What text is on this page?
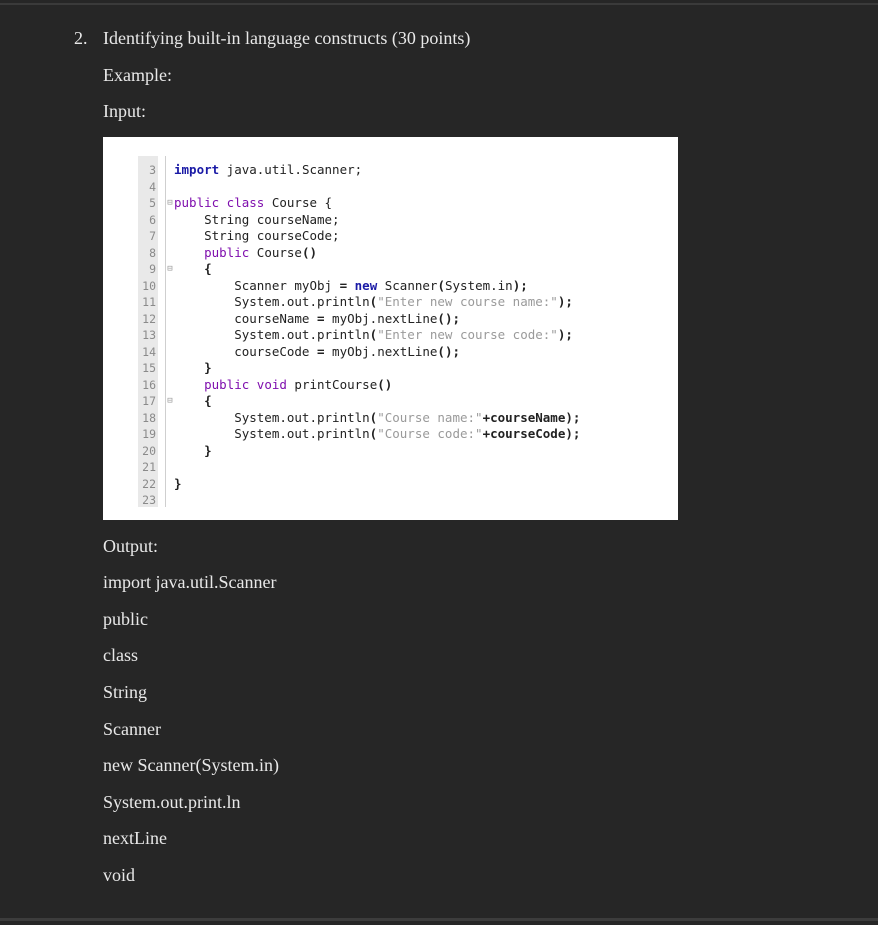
2. Identifying built-in language constructs (30 points)
Example:
Input:
3 import java.util.Scanner;
4
5 ⊟ public class Course {
6 String courseName;
7 String courseCode;
8	public Course()
9 ⊟ {
10 Scanner myObj = new Scanner(System.in);
11 System.out.println("Enter new course name:");
12 courseName = myObj.nextLine();
13 System.out.println("Enter new course code:");
14 courseCode = myObj.nextLine();
15 }
16	public void printCourse()
17 ⊟ {
18 System.out.println("Course name:"+courseName);
19 System.out.println("Course code:"+courseCode);
20 }
21
22 }
23
Output:
import java.util.Scanner
public
class
String
Scanner
new Scanner(System.in)
System.out.print.ln
nextLine
void
